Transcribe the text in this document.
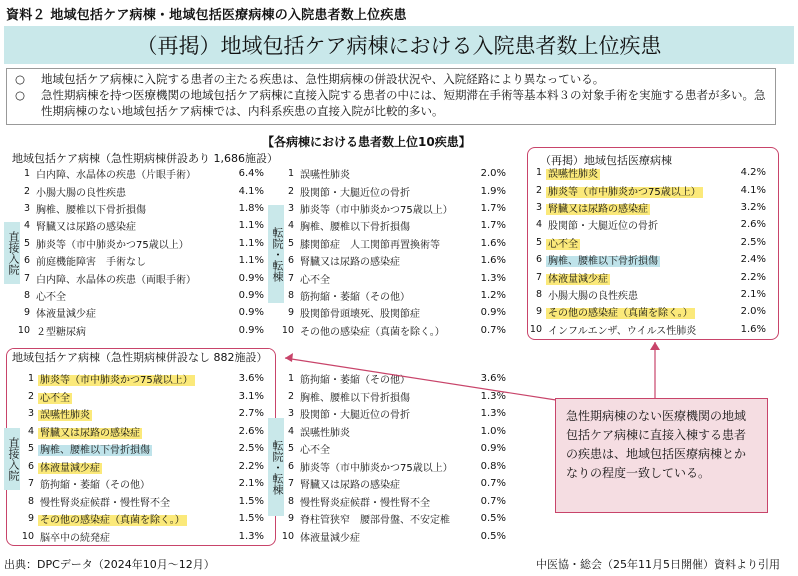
資料２ 地域包括ケア病棟・地域包括医療病棟の入院患者数上位疾患
（再掲）地域包括ケア病棟における入院患者数上位疾患
○	地域包括ケア病棟に入院する患者の主たる疾患は、急性期病棟の併設状況や、入院経路により異なっている。
○	急性期病棟を持つ医療機関の地域包括ケア病棟に直接入院する患者の中には、短期滞在手術等基本料３の対象手術を実施する患者が多い。急性期病棟のない地域包括ケア病棟では、内科系疾患の直接入院が比較的多い。
【各病棟における患者数上位10疾患】
地域包括ケア病棟（急性期病棟併設あり 1,686施設）
直接入院
1 白内障、水晶体の疾患（片眼手術）	6.4%
2 小腸大腸の良性疾患	4.1%
3 胸椎、腰椎以下骨折損傷	1.8%
4 腎臓又は尿路の感染症	1.1%
5 肺炎等（市中肺炎かつ75歳以上）	1.1%
6 前庭機能障害　手術なし	1.1%
7 白内障、水晶体の疾患（両眼手術）	0.9%
8 心不全	0.9%
9 体液量減少症	0.9%
10 ２型糖尿病	0.9%
転院・転棟
1 誤嚥性肺炎	2.0%
2 股関節・大腿近位の骨折	1.9%
3 肺炎等（市中肺炎かつ75歳以上）	1.7%
4 胸椎、腰椎以下骨折損傷	1.7%
5 膝関節症　人工関節再置換術等	1.6%
6 腎臓又は尿路の感染症	1.6%
7 心不全	1.3%
8 筋拘縮・萎縮（その他）	1.2%
9 股関節骨頭壊死、股関節症	0.9%
10 その他の感染症（真菌を除く。）	0.7%
地域包括ケア病棟（急性期病棟併設なし 882施設）
直接入院
1 肺炎等（市中肺炎かつ75歳以上）	3.6%
2 心不全	3.1%
3 誤嚥性肺炎	2.7%
4 腎臓又は尿路の感染症	2.6%
5 胸椎、腰椎以下骨折損傷	2.5%
6 体液量減少症	2.2%
7 筋拘縮・萎縮（その他）	2.1%
8 慢性腎炎症候群・慢性腎不全	1.5%
9 その他の感染症（真菌を除く。）	1.5%
10 脳卒中の続発症	1.3%
転院・転棟
1 筋拘縮・萎縮（その他）	3.6%
2 胸椎、腰椎以下骨折損傷	1.3%
3 股関節・大腿近位の骨折	1.3%
4 誤嚥性肺炎	1.0%
5 心不全	0.9%
6 肺炎等（市中肺炎かつ75歳以上）	0.8%
7 腎臓又は尿路の感染症	0.7%
8 慢性腎炎症候群・慢性腎不全	0.7%
9 脊柱管狭窄　腰部骨盤、不安定椎	0.5%
10 体液量減少症	0.5%
（再掲）地域包括医療病棟
1 誤嚥性肺炎	4.2%
2 肺炎等（市中肺炎かつ75歳以上）	4.1%
3 腎臓又は尿路の感染症	3.2%
4 股関節・大腿近位の骨折	2.6%
5 心不全	2.5%
6 胸椎、腰椎以下骨折損傷	2.4%
7 体液量減少症	2.2%
8 小腸大腸の良性疾患	2.1%
9 その他の感染症（真菌を除く。）	2.0%
10 インフルエンザ、ウイルス性肺炎	1.6%
急性期病棟のない医療機関の地域包括ケア病棟に直接入棟する患者の疾患は、地域包括医療病棟とかなりの程度一致している。
出典：DPCデータ（2024年10月～12月）	中医協・総会（25年11月5日開催）資料より引用
